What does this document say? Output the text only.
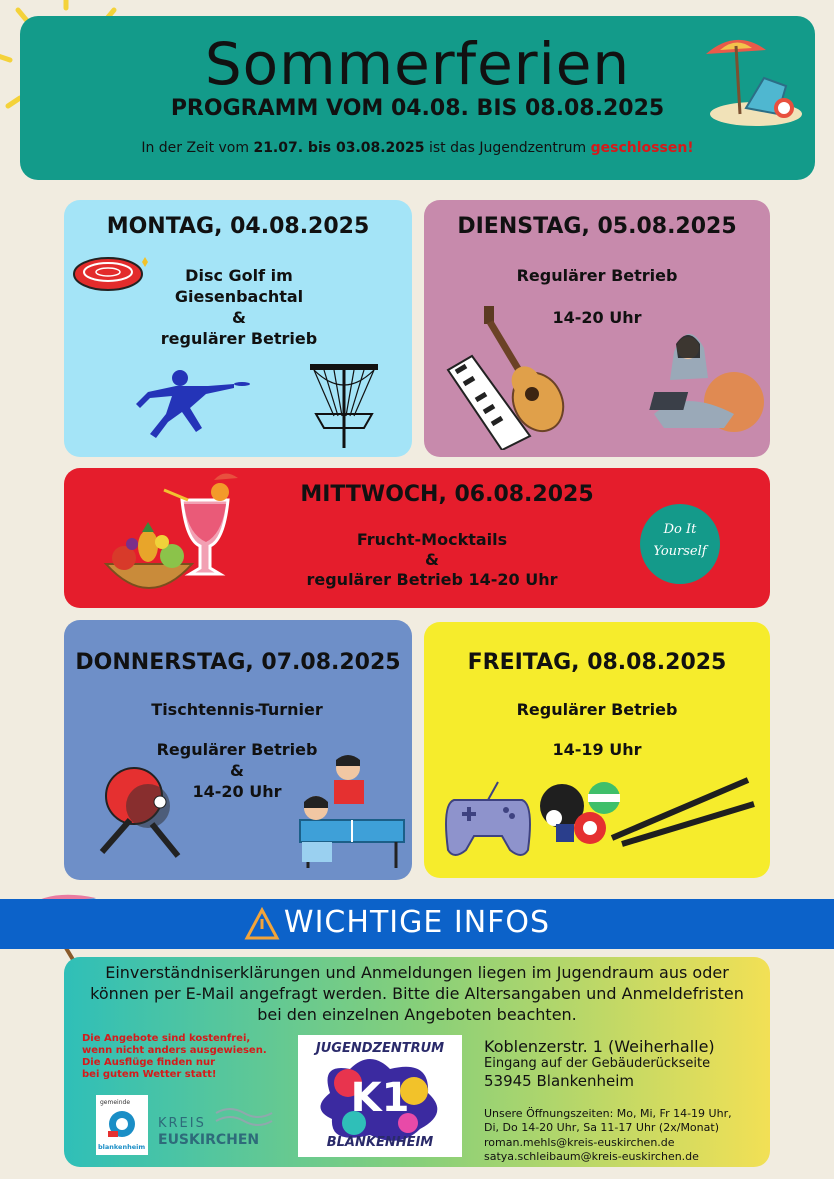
Sommerferien
PROGRAMM VOM 04.08. BIS 08.08.2025
In der Zeit vom 21.07. bis 03.08.2025 ist das Jugendzentrum geschlossen!
MONTAG, 04.08.2025
Disc Golf im
Giesenbachtal
&
regulärer Betrieb
DIENSTAG, 05.08.2025
Regulärer Betrieb
14-20 Uhr
MITTWOCH, 06.08.2025
Frucht-Mocktails
&
regulärer Betrieb 14-20 Uhr
Do It
Yourself
DONNERSTAG, 07.08.2025
Tischtennis-Turnier
Regulärer Betrieb
&
14-20 Uhr
FREITAG, 08.08.2025
Regulärer Betrieb
14-19 Uhr
WICHTIGE INFOS
Einverständniserklärungen und Anmeldungen liegen im Jugendraum aus oder können per E-Mail angefragt werden. Bitte die Altersangaben und Anmeldefristen bei den einzelnen Angeboten beachten.
Die Angebote sind kostenfrei,
wenn nicht anders ausgewiesen.
Die Ausflüge finden nur
bei gutem Wetter statt!
gemeinde
blankenheim
KREIS
EUSKIRCHEN
JUGENDZENTRUM
K1
BLANKENHEIM
Koblenzerstr. 1 (Weiherhalle)
Eingang auf der Gebäuderückseite
53945 Blankenheim
Unsere Öffnungszeiten: Mo, Mi, Fr 14-19 Uhr,
Di, Do 14-20 Uhr, Sa 11-17 Uhr (2x/Monat)
roman.mehls@kreis-euskirchen.de
satya.schleibaum@kreis-euskirchen.de
